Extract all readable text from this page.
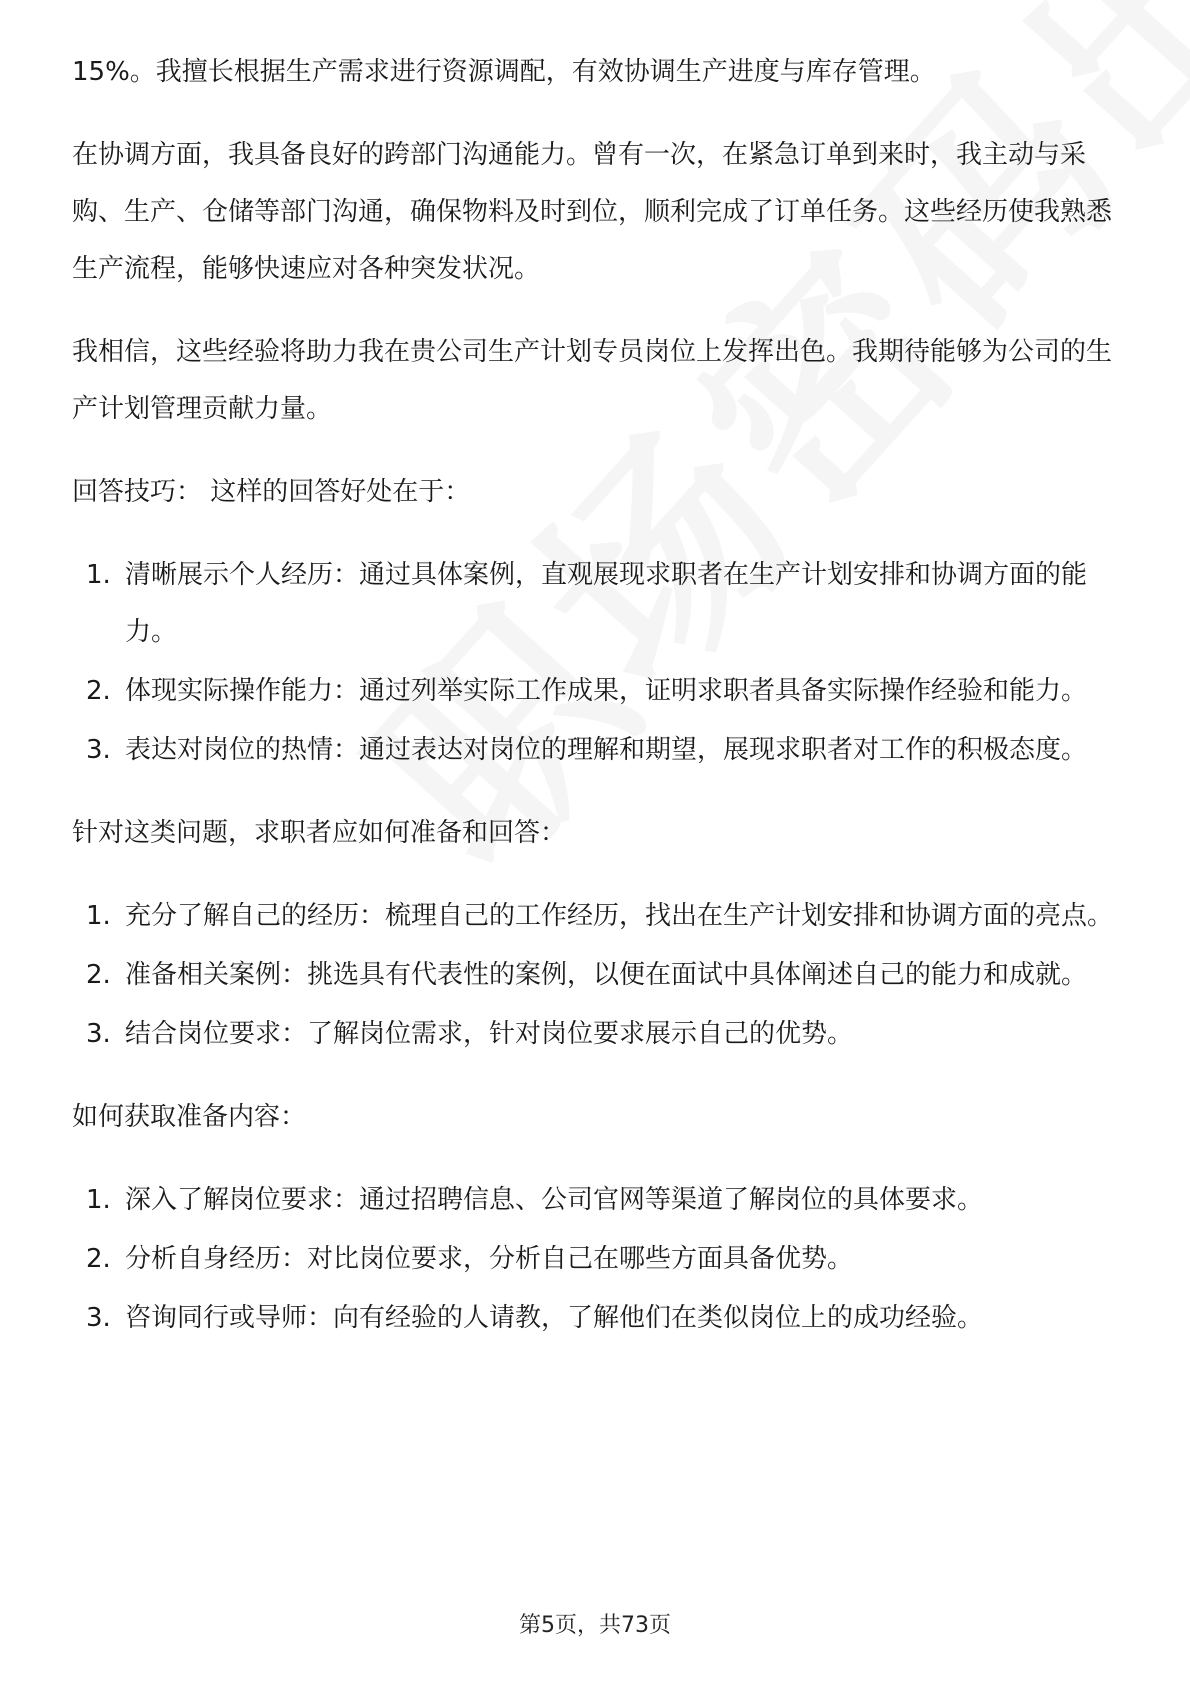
15%。我擅长根据生产需求进行资源调配，有效协调生产进度与库存管理。

在协调方面，我具备良好的跨部门沟通能力。曾有一次，在紧急订单到来时，我主动与采购、生产、仓储等部门沟通，确保物料及时到位，顺利完成了订单任务。这些经历使我熟悉生产流程，能够快速应对各种突发状况。

我相信，这些经验将助力我在贵公司生产计划专员岗位上发挥出色。我期待能够为公司的生产计划管理贡献力量。

回答技巧： 这样的回答好处在于：

1. 清晰展示个人经历：通过具体案例，直观展现求职者在生产计划安排和协调方面的能力。
2. 体现实际操作能力：通过列举实际工作成果，证明求职者具备实际操作经验和能力。
3. 表达对岗位的热情：通过表达对岗位的理解和期望，展现求职者对工作的积极态度。

针对这类问题，求职者应如何准备和回答：

1. 充分了解自己的经历：梳理自己的工作经历，找出在生产计划安排和协调方面的亮点。
2. 准备相关案例：挑选具有代表性的案例，以便在面试中具体阐述自己的能力和成就。
3. 结合岗位要求：了解岗位需求，针对岗位要求展示自己的优势。

如何获取准备内容：

1. 深入了解岗位要求：通过招聘信息、公司官网等渠道了解岗位的具体要求。
2. 分析自身经历：对比岗位要求，分析自己在哪些方面具备优势。
3. 咨询同行或导师：向有经验的人请教，了解他们在类似岗位上的成功经验。
第5页，共73页
